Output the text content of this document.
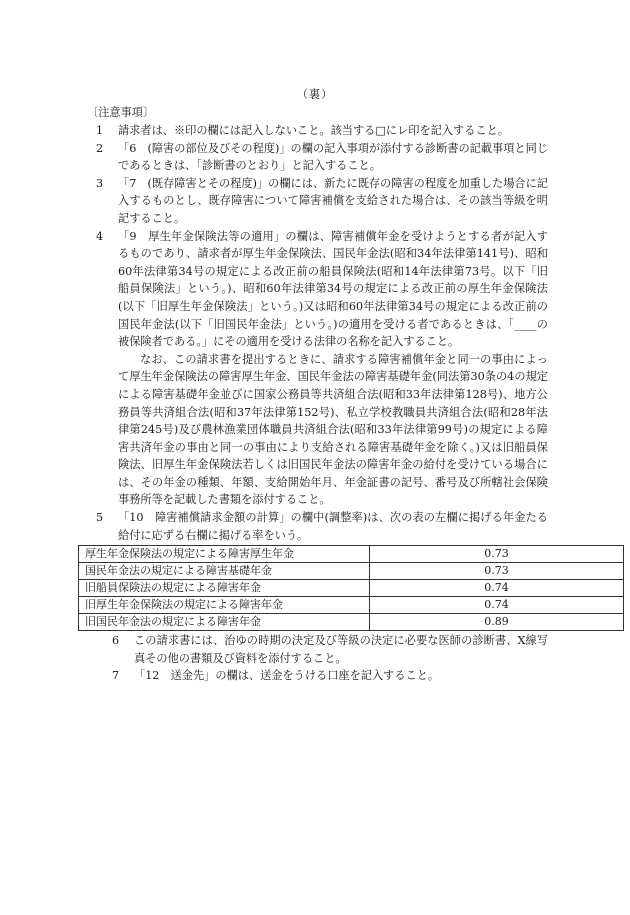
（裏）
〔注意事項〕
1	請求者は、※印の欄には記入しないこと。該当する□にレ印を記入すること。
2	「6　(障害の部位及びその程度)」の欄の記入事項が添付する診断書の記載事項と同じであるときは、「診断書のとおり」と記入すること。
3	「7　(既存障害とその程度)」の欄には、新たに既存の障害の程度を加重した場合に記入するものとし、既存障害について障害補償を支給された場合は、その該当等級を明記すること。
4	「9　厚生年金保険法等の適用」の欄は、障害補償年金を受けようとする者が記入するものであり、請求者が厚生年金保険法、国民年金法(昭和34年法律第141号)、昭和60年法律第34号の規定による改正前の船員保険法(昭和14年法律第73号。以下「旧船員保険法」という。)、昭和60年法律第34号の規定による改正前の厚生年金保険法(以下「旧厚生年金保険法」という。)又は昭和60年法律第34号の規定による改正前の国民年金法(以下「旧国民年金法」という。)の適用を受ける者であるときは、「____の被保険者である。」にその適用を受ける法律の名称を記入すること。
なお、この請求書を提出するときに、請求する障害補償年金と同一の事由によって厚生年金保険法の障害厚生年金、国民年金法の障害基礎年金(同法第30条の4の規定による障害基礎年金並びに国家公務員等共済組合法(昭和33年法律第128号)、地方公務員等共済組合法(昭和37年法律第152号)、私立学校教職員共済組合法(昭和28年法律第245号)及び農林漁業団体職員共済組合法(昭和33年法律第99号)の規定による障害共済年金の事由と同一の事由により支給される障害基礎年金を除く。)又は旧船員保険法、旧厚生年金保険法若しくは旧国民年金法の障害年金の給付を受けている場合には、その年金の種類、年額、支給開始年月、年金証書の記号、番号及び所轄社会保険事務所等を記載した書類を添付すること。
5	「10　障害補償請求金額の計算」の欄中(調整率)は、次の表の左欄に掲げる年金たる給付に応ずる右欄に掲げる率をいう。
厚生年金保険法の規定による障害厚生年金	0.73
国民年金法の規定による障害基礎年金	0.73
旧船員保険法の規定による障害年金	0.74
旧厚生年金保険法の規定による障害年金	0.74
旧国民年金法の規定による障害年金	0.89
6	この請求書には、治ゆの時期の決定及び等級の決定に必要な医師の診断書、X線写真その他の書類及び資料を添付すること。
7	「12　送金先」の欄は、送金をうける口座を記入すること。
